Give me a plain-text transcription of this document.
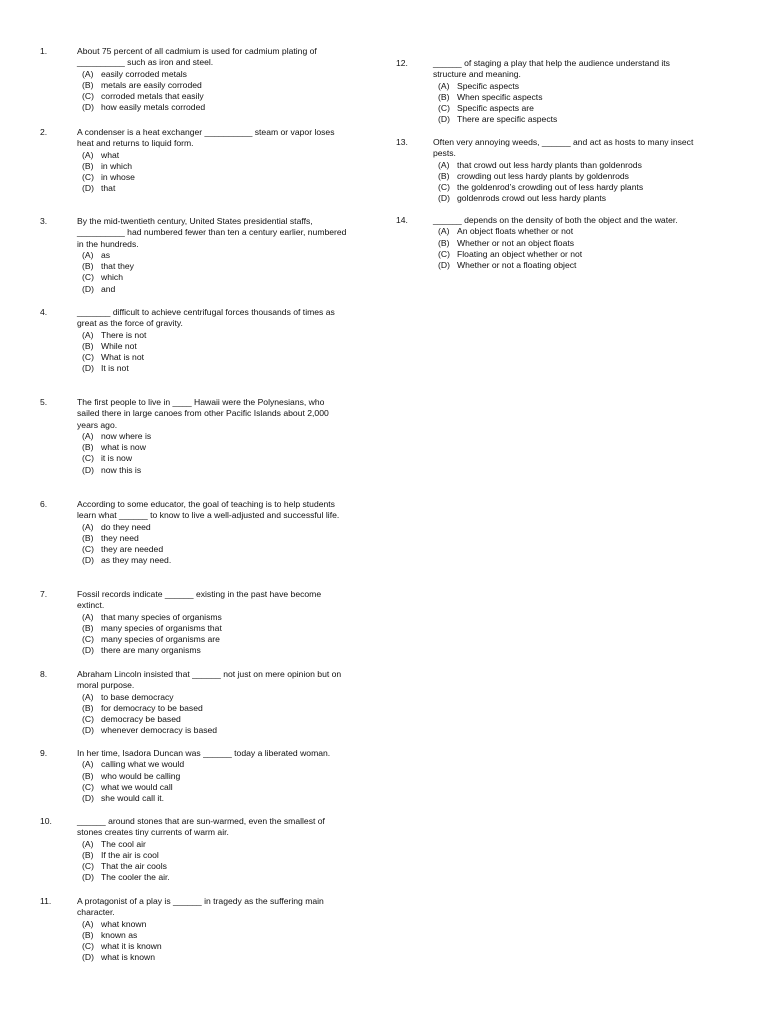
1.	About 75 percent of all cadmium is used for cadmium plating of
__________ such as iron and steel.
(A) easily corroded metals
(B) metals are easily corroded
(C) corroded metals that easily
(D) how easily metals corroded
2.	A condenser is a heat exchanger __________ steam or vapor loses
heat and returns to liquid form.
(A) what
(B) in which
(C) in whose
(D) that
3.	By the mid-twentieth century, United States presidential staffs,
__________ had numbered fewer than ten a century earlier, numbered
in the hundreds.
(A) as
(B) that they
(C) which
(D) and
4.	_______ difficult to achieve centrifugal forces thousands of times as
great as the force of gravity.
(A) There is not
(B) While not
(C) What is not
(D) It is not
5.	The first people to live in ____ Hawaii were the Polynesians, who
sailed there in large canoes from other Pacific Islands about 2,000
years ago.
(A) now where is
(B) what is now
(C) it is now
(D) now this is
6.	According to some educator, the goal of teaching is to help students
learn what ______ to know to live a well-adjusted and successful life.
(A) do they need
(B) they need
(C) they are needed
(D) as they may need.
7.	Fossil records indicate ______ existing in the past have become
extinct.
(A) that many species of organisms
(B) many species of organisms that
(C) many species of organisms are
(D) there are many organisms
8.	Abraham Lincoln insisted that ______ not just on mere opinion but on
moral purpose.
(A) to base democracy
(B) for democracy to be based
(C) democracy be based
(D) whenever democracy is based
9.	In her time, Isadora Duncan was ______ today a liberated woman.
(A) calling what we would
(B) who would be calling
(C) what we would call
(D) she would call it.
10.	______ around stones that are sun-warmed, even the smallest of
stones creates tiny currents of warm air.
(A) The cool air
(B) If the air is cool
(C) That the air cools
(D) The cooler the air.
11.	A protagonist of a play is ______ in tragedy as the suffering main
character.
(A) what known
(B) known as
(C) what it is known
(D) what is known
12.	______ of staging a play that help the audience understand its
structure and meaning.
(A) Specific aspects
(B) When specific aspects
(C) Specific aspects are
(D) There are specific aspects
13.	Often very annoying weeds, ______ and act as hosts to many insect
pests.
(A) that crowd out less hardy plants than goldenrods
(B) crowding out less hardy plants by goldenrods
(C) the goldenrod’s crowding out of less hardy plants
(D) goldenrods crowd out less hardy plants
14.	______ depends on the density of both the object and the water.
(A) An object floats whether or not
(B) Whether or not an object floats
(C) Floating an object whether or not
(D) Whether or not a floating object
